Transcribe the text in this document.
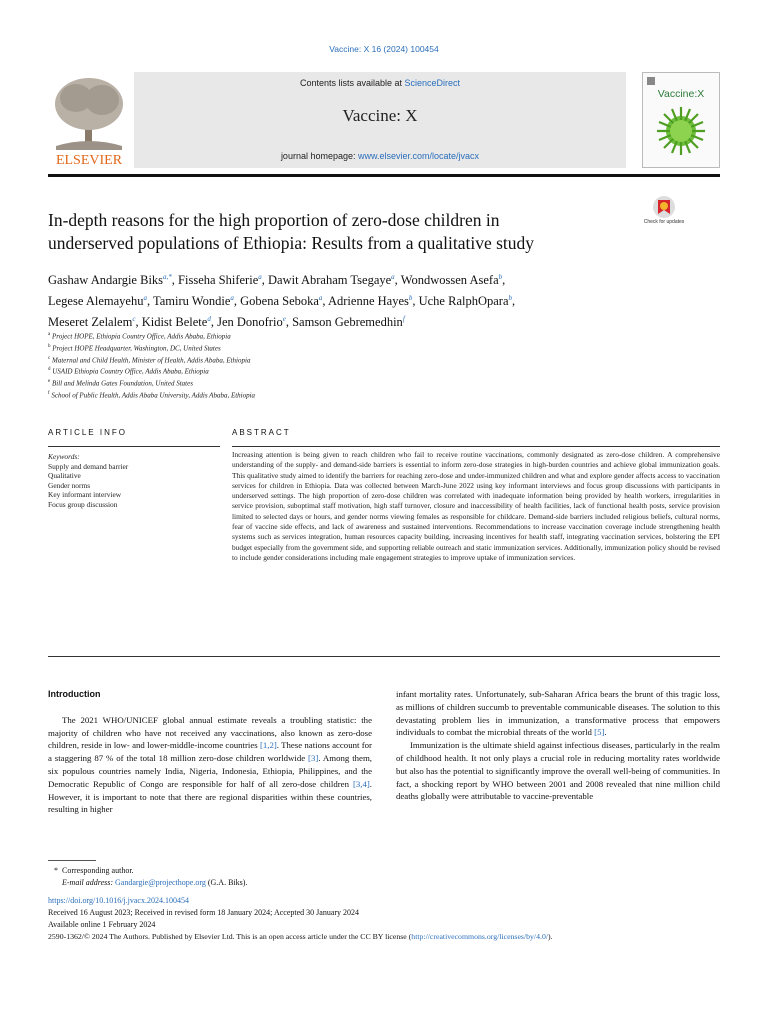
Vaccine: X 16 (2024) 100454
ELSEVIER
Contents lists available at ScienceDirect
Vaccine: X
journal homepage: www.elsevier.com/locate/jvacx
Vaccine:X
Check for updates
In-depth reasons for the high proportion of zero-dose children in
underserved populations of Ethiopia: Results from a qualitative study
Gashaw Andargie Biks$^{a,*}$, Fisseha Shiferie$^a$, Dawit Abraham Tsegaye$^a$, Wondwossen Asefa$^b$,
Legese Alemayehu$^a$, Tamiru Wondie$^a$, Gobena Seboka$^a$, Adrienne Hayes$^b$, Uche RalphOpara$^b$,
Meseret Zelalem$^c$, Kidist Belete$^d$, Jen Donofrio$^e$, Samson Gebremedhin$^f$
$^a$ Project HOPE, Ethiopia Country Office, Addis Ababa, Ethiopia
$^b$ Project HOPE Headquarter, Washington, DC, United States
$^c$ Maternal and Child Health, Minister of Health, Addis Ababa, Ethiopia
$^d$ USAID Ethiopia Country Office, Addis Ababa, Ethiopia
$^e$ Bill and Melinda Gates Foundation, United States
$^f$ School of Public Health, Addis Ababa University, Addis Ababa, Ethiopia
ARTICLE INFO	ABSTRACT
Keywords:
Supply and demand barrier
Qualitative
Gender norms
Key informant interview
Focus group discussion
Increasing attention is being given to reach children who fail to receive routine vaccinations, commonly designated as zero-dose children. A comprehensive understanding of the supply- and demand-side barriers is essential to inform zero-dose strategies in high-burden countries and achieve global immunization goals. This qualitative study aimed to identify the barriers for reaching zero-dose and under-immunized children and what and explore gender affects access to vaccination services for children in Ethiopia. Data was collected between March-June 2022 using key informant interviews and focus group discussions with participants in underserved settings. The high proportion of zero-dose children was correlated with inadequate information being provided by health workers, irregularities in service provision, suboptimal staff motivation, high staff turnover, closure and inaccessibility of health facilities, lack of functional health posts, service provision limited to selected days or hours, and gender norms viewing females as responsible for childcare. Demand-side barriers included religious beliefs, cultural norms, fear of vaccine side effects, and lack of awareness and sustained interventions. Recommendations to increase vaccination coverage include strengthening health systems such as services integration, human resources capacity building, increasing incentives for health staff, integrating vaccination services, bolstering the EPI budget especially from the government side, and supporting reliable outreach and static immunization services. Additionally, immunization policy should be revised to include gender considerations including male engagement strategies to improve uptake of immunization services.

Introduction

The 2021 WHO/UNICEF global annual estimate reveals a troubling statistic: the majority of children who have not received any vaccinations, also known as zero-dose children, reside in low- and lower-middle-income countries [1,2]. These nations account for a staggering 87 % of the total 18 million zero-dose children worldwide [3]. Among them, six populous countries namely India, Nigeria, Indonesia, Ethiopia, Philippines, and the Democratic Republic of Congo are responsible for half of all zero-dose children [3,4]. However, it is important to note that there are regional disparities within these countries, resulting in higher

infant mortality rates. Unfortunately, sub-Saharan Africa bears the brunt of this tragic loss, as millions of children succumb to preventable communicable diseases. The solution to this devastating problem lies in immunization, a transformative process that empowers individuals to combat the microbial threats of the world [5].

Immunization is the ultimate shield against infectious diseases, particularly in the realm of childhood health. It not only plays a crucial role in reducing mortality rates worldwide but also has the potential to significantly improve the overall well-being of communities. In fact, a shocking report by WHO between 2001 and 2008 revealed that nine million child deaths globally were attributable to vaccine-preventable

*  Corresponding author.
E-mail address: Gandargie@projecthope.org (G.A. Biks).
https://doi.org/10.1016/j.jvacx.2024.100454
Received 16 August 2023; Received in revised form 18 January 2024; Accepted 30 January 2024
Available online 1 February 2024
2590-1362/© 2024 The Authors. Published by Elsevier Ltd. This is an open access article under the CC BY license (http://creativecommons.org/licenses/by/4.0/).
